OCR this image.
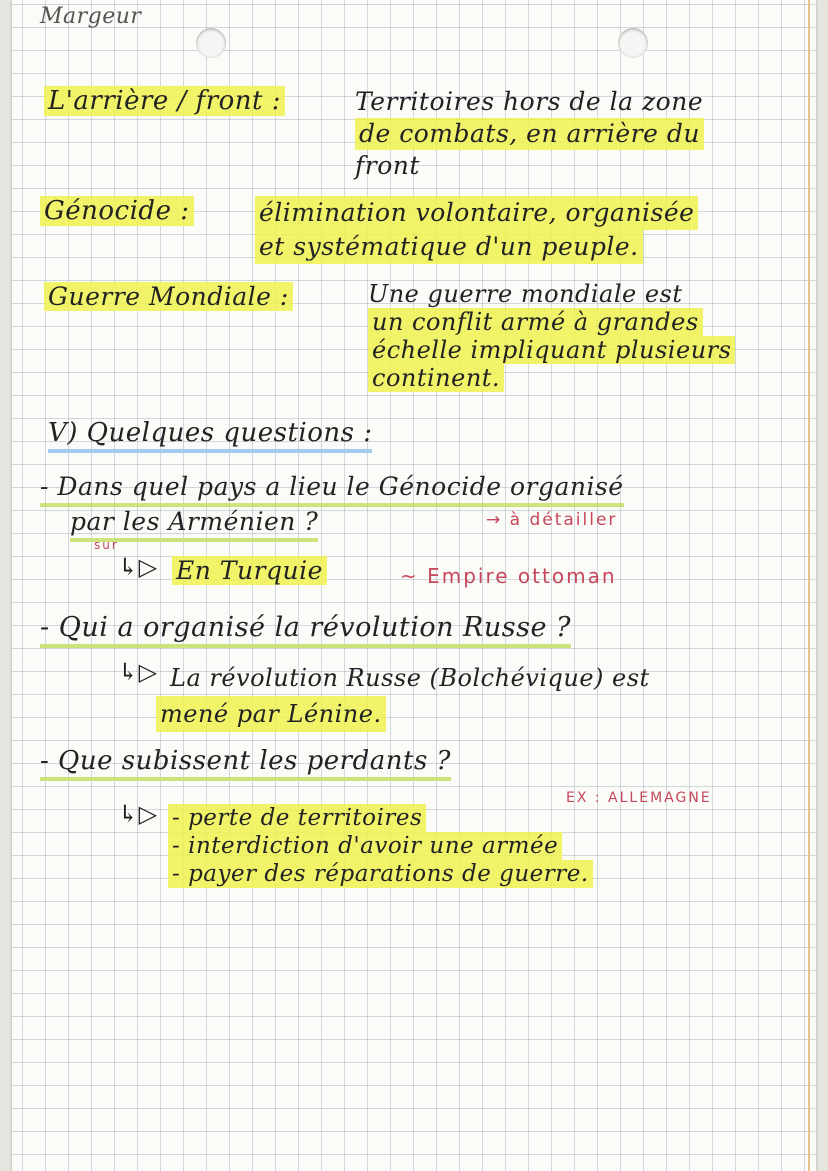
Margeur
L'arrière / front :	Territoires hors de la zone
de combats, en arrière du
front
Génocide :	élimination volontaire, organisée
et systématique d'un peuple.
Guerre Mondiale :	Une guerre mondiale est
un conflit armé à grandes
échelle impliquant plusieurs
continent.
V) Quelques questions :
- Dans quel pays a lieu le Génocide organisé
par les Arménien ?
sur
→ à détailler
↳▷ En Turquie	~ Empire ottoman
- Qui a organisé la révolution Russe ?
↳▷ La révolution Russe (Bolchévique) est
mené par Lénine.
- Que subissent les perdants ?
EX : ALLEMAGNE
↳▷ - perte de territoires
- interdiction d'avoir une armée
- payer des réparations de guerre.
